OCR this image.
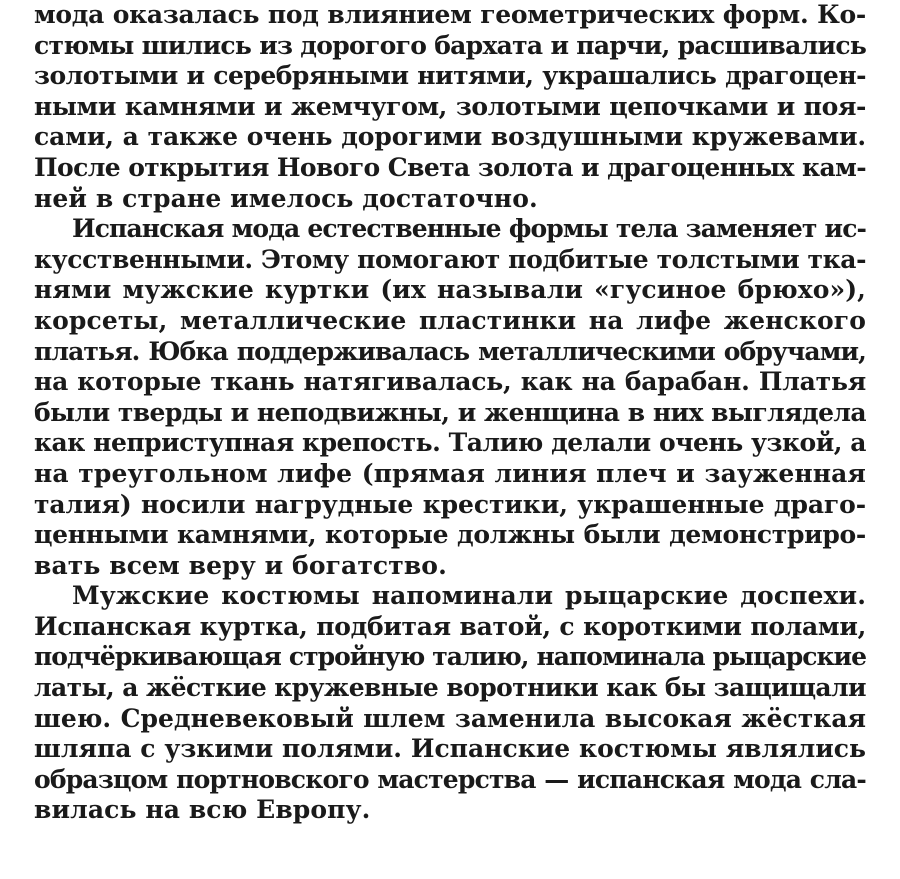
мода оказалась под влиянием геометрических форм. Ко-
стюмы шились из дорогого бархата и парчи, расшивались
золотыми и серебряными нитями, украшались драгоцен-
ными камнями и жемчугом, золотыми цепочками и поя-
сами, а также очень дорогими воздушными кружевами.
После открытия Нового Света золота и драгоценных кам-
ней в стране имелось достаточно.
Испанская мода естественные формы тела заменяет ис-
кусственными. Этому помогают подбитые толстыми тка-
нями мужские куртки (их называли «гусиное брюхо»),
корсеты, металлические пластинки на лифе женского
платья. Юбка поддерживалась металлическими обручами,
на которые ткань натягивалась, как на барабан. Платья
были тверды и неподвижны, и женщина в них выглядела
как неприступная крепость. Талию делали очень узкой, а
на треугольном лифе (прямая линия плеч и зауженная
талия) носили нагрудные крестики, украшенные драго-
ценными камнями, которые должны были демонстриро-
вать всем веру и богатство.
Мужские костюмы напоминали рыцарские доспехи.
Испанская куртка, подбитая ватой, с короткими полами,
подчёркивающая стройную талию, напоминала рыцарские
латы, а жёсткие кружевные воротники как бы защищали
шею. Средневековый шлем заменила высокая жёсткая
шляпа с узкими полями. Испанские костюмы являлись
образцом портновского мастерства — испанская мода сла-
вилась на всю Европу.
